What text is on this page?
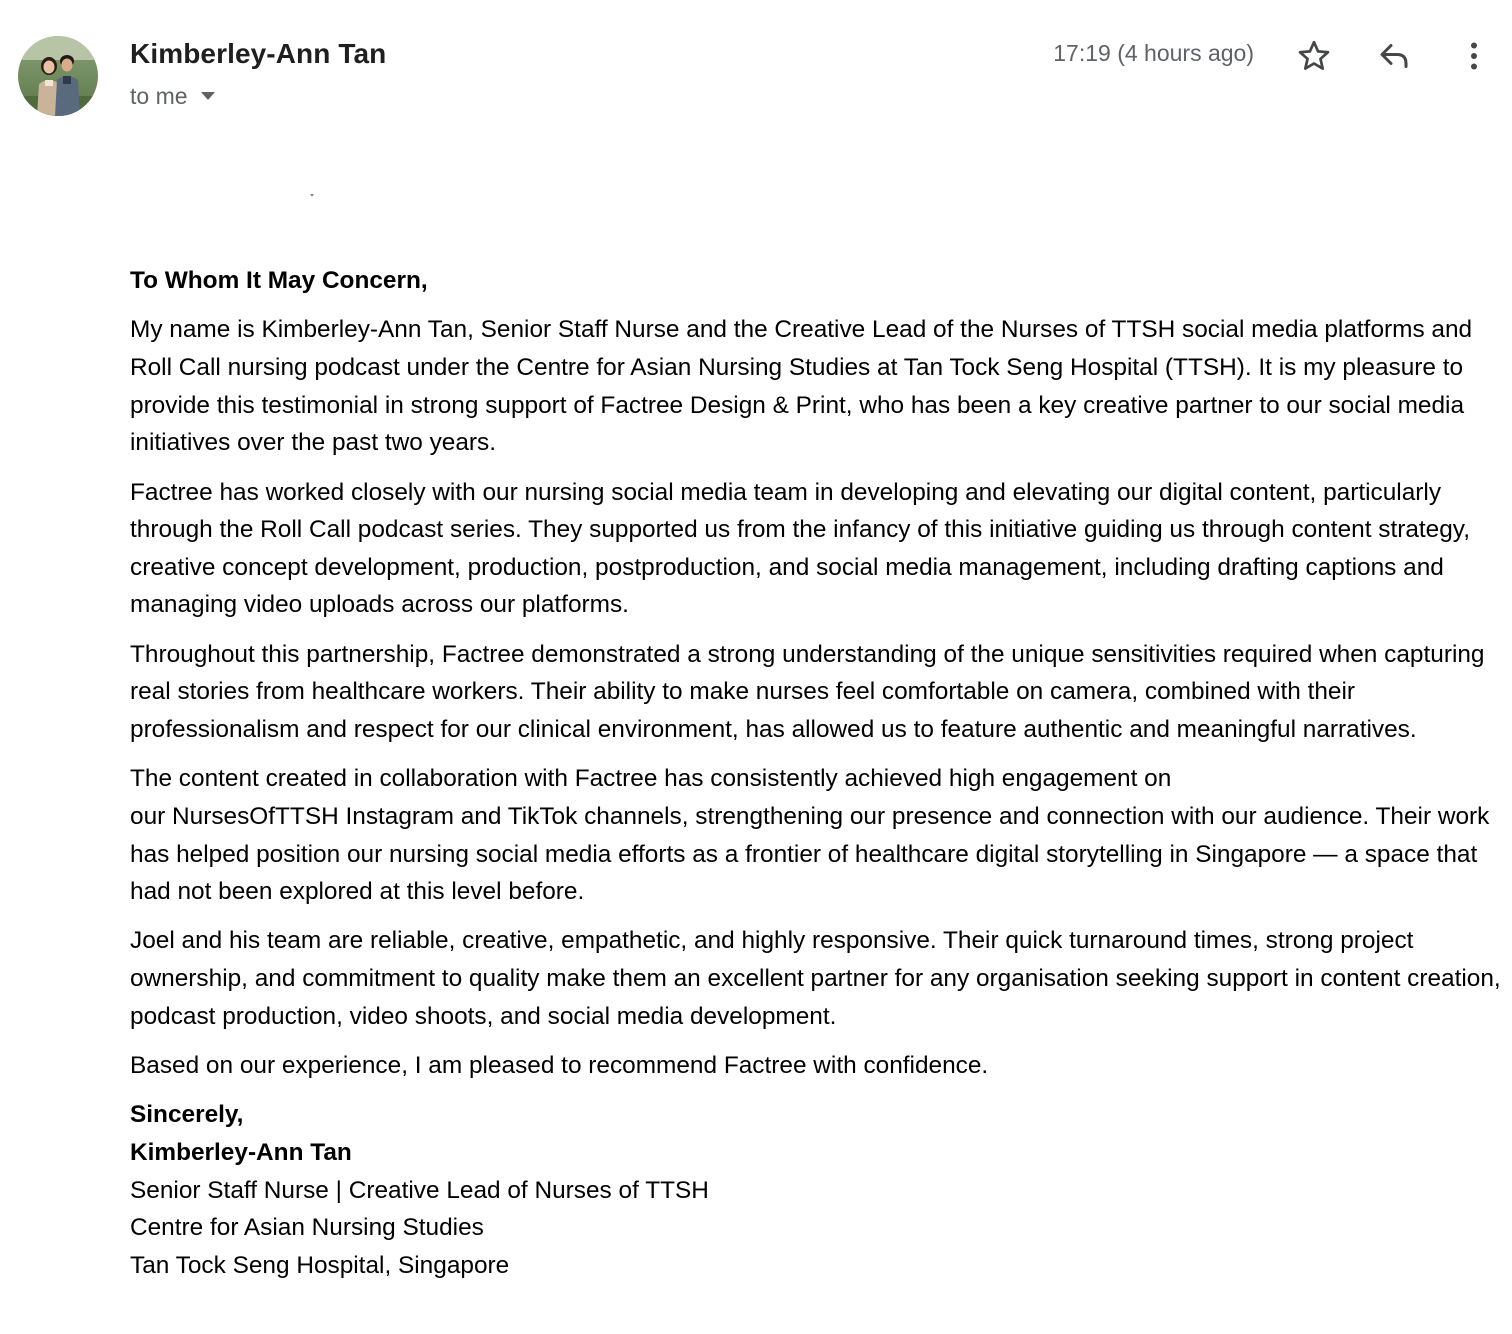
Kimberley-Ann Tan
to me
17:19 (4 hours ago)

To Whom It May Concern,

My name is Kimberley-Ann Tan, Senior Staff Nurse and the Creative Lead of the Nurses of TTSH social media platforms and Roll Call nursing podcast under the Centre for Asian Nursing Studies at Tan Tock Seng Hospital (TTSH). It is my pleasure to provide this testimonial in strong support of Factree Design & Print, who has been a key creative partner to our social media initiatives over the past two years.

Factree has worked closely with our nursing social media team in developing and elevating our digital content, particularly through the Roll Call podcast series. They supported us from the infancy of this initiative guiding us through content strategy, creative concept development, production, postproduction, and social media management, including drafting captions and managing video uploads across our platforms.

Throughout this partnership, Factree demonstrated a strong understanding of the unique sensitivities required when capturing real stories from healthcare workers. Their ability to make nurses feel comfortable on camera, combined with their professionalism and respect for our clinical environment, has allowed us to feature authentic and meaningful narratives.

The content created in collaboration with Factree has consistently achieved high engagement on
our NursesOfTTSH Instagram and TikTok channels, strengthening our presence and connection with our audience. Their work has helped position our nursing social media efforts as a frontier of healthcare digital storytelling in Singapore — a space that had not been explored at this level before.

Joel and his team are reliable, creative, empathetic, and highly responsive. Their quick turnaround times, strong project ownership, and commitment to quality make them an excellent partner for any organisation seeking support in content creation, podcast production, video shoots, and social media development.

Based on our experience, I am pleased to recommend Factree with confidence.

Sincerely,
Kimberley-Ann Tan
Senior Staff Nurse | Creative Lead of Nurses of TTSH
Centre for Asian Nursing Studies
Tan Tock Seng Hospital, Singapore
